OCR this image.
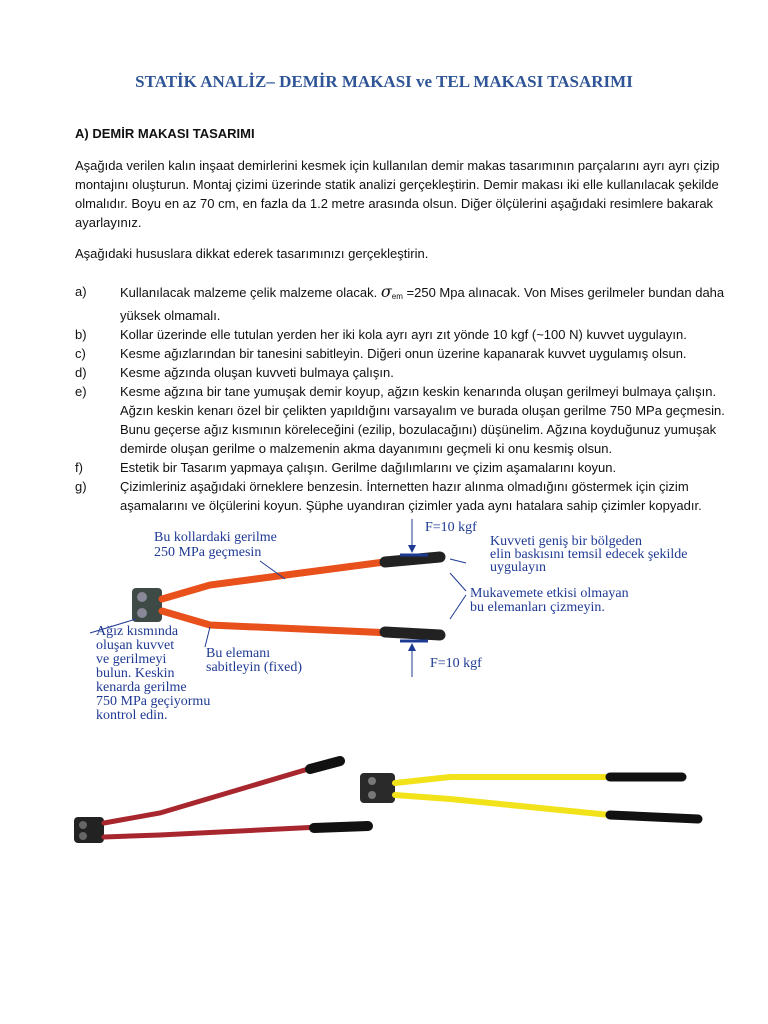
STATİK ANALİZ– DEMİR MAKASI ve TEL MAKASI TASARIMI
A) DEMİR MAKASI TASARIMI
Aşağıda verilen kalın inşaat demirlerini kesmek için kullanılan demir makas tasarımının parçalarını ayrı ayrı çizip montajını oluşturun. Montaj çizimi üzerinde statik analizi gerçekleştirin. Demir makası iki elle kullanılacak şekilde olmalıdır. Boyu en az 70 cm, en fazla da 1.2 metre arasında olsun. Diğer ölçülerini aşağıdaki resimlere bakarak ayarlayınız.
Aşağıdaki hususlara dikkat ederek tasarımınızı gerçekleştirin.
a)	Kullanılacak malzeme çelik malzeme olacak. $\sigma_{em} =250$ Mpa alınacak. Von Mises gerilmeler bundan daha yüksek olmamalı.
b)	Kollar üzerinde elle tutulan yerden her iki kola ayrı ayrı zıt yönde 10 kgf (~100 N) kuvvet uygulayın.
c)	Kesme ağızlarından bir tanesini sabitleyin. Diğeri onun üzerine kapanarak kuvvet uygulamış olsun.
d)	Kesme ağzında oluşan kuvveti bulmaya çalışın.
e)	Kesme ağzına bir tane yumuşak demir koyup, ağzın keskin kenarında oluşan gerilmeyi bulmaya çalışın. Ağzın keskin kenarı özel bir çelikten yapıldığını varsayalım ve burada oluşan gerilme 750 MPa geçmesin. Bunu geçerse ağız kısmının köreleceğini (ezilip, bozulacağını) düşünelim. Ağzına koyduğunuz yumuşak demirde oluşan gerilme o malzemenin akma dayanımını geçmeli ki onu kesmiş olsun.
f)	Estetik bir Tasarım yapmaya çalışın. Gerilme dağılımlarını ve çizim aşamalarını koyun.
g)	Çizimleriniz aşağıdaki örneklere benzesin. İnternetten hazır alınma olmadığını göstermek için çizim aşamalarını ve ölçülerini koyun. Şüphe uyandıran çizimler yada aynı hatalara sahip çizimler kopyadır.
Bu kollardaki gerilme 250 MPa geçmesin
F=10 kgf
Kuvveti geniş bir bölgeden elin baskısını temsil edecek şekilde uygulayın
Mukavemete etkisi olmayan bu elemanları çizmeyin.
Bu elemanı sabitleyin (fixed)	F=10 kgf
Ağız kısmında oluşan kuvvet ve gerilmeyi bulun. Keskin kenarda gerilme 750 MPa geçiyormu kontrol edin.
